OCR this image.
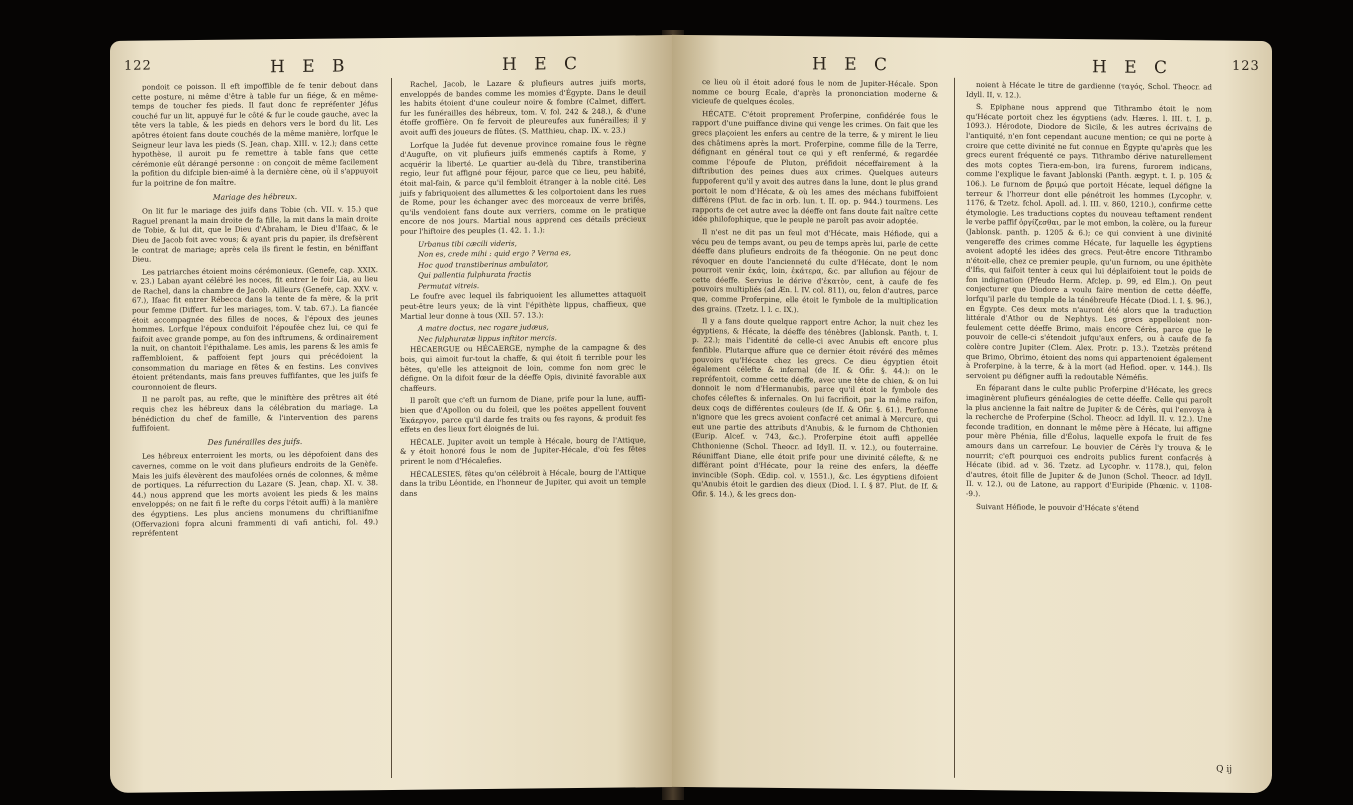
122	H E B	H E C

pondoit ce poisson. Il eft impoffible de fe tenir debout dans cette posture, ni même d'être à table fur un fiége, & en même-temps de toucher fes pieds. Il faut donc fe repréfenter Jéfus couché fur un lit, appuyé fur le côté & fur le coude gauche, avec la tête vers la table, & les pieds en dehors vers le bord du lit. Les apôtres étoient fans doute couchés de la même manière, lorfque le Seigneur leur lava les pieds (S. Jean, chap. XIII. v. 12.); dans cette hypothèse, il auroit pu fe remettre à table fans que cette cérémonie eût dérangé personne : on conçoit de même facilement la pofition du difciple bien-aimé à la dernière cène, où il s'appuyoit fur la poitrine de fon maître.

Mariage des hébreux.

On lit fur le mariage des juifs dans Tobie (ch. VII. v. 15.) que Raguel prenant la main droite de fa fille, la mit dans la main droite de Tobie, & lui dit, que le Dieu d'Abraham, le Dieu d'Ifaac, & le Dieu de Jacob foit avec vous; & ayant pris du papier, ils drefsèrent le contrat de mariage; après cela ils firent le festin, en béniffant Dieu.

Les patriarches étoient moins cérémonieux. (Genefe, cap. XXIX. v. 23.) Laban ayant célébré les noces, fit entrer le foir Lia, au lieu de Rachel, dans la chambre de Jacob. Ailleurs (Genefe, cap. XXV. v. 67.), Ifaac fit entrer Rébecca dans la tente de fa mère, & la prit pour femme (Differt. fur les mariages, tom. V. tab. 67.). La fiancée étoit accompagnée des filles de noces, & l'époux des jeunes hommes. Lorfque l'époux conduifoit l'époufée chez lui, ce qui fe faifoit avec grande pompe, au fon des inftrumens, & ordinairement la nuit, on chantoit l'épithalame. Les amis, les parens & les amis fe raffembloient, & paffoient fept jours qui précédoient la consommation du mariage en fêtes & en festins. Les convives étoient prétendants, mais fans preuves fuffifantes, que les juifs fe couronnoient de fleurs.

Il ne paroît pas, au refte, que le miniftère des prêtres ait été requis chez les hébreux dans la célébration du mariage. La bénédiction du chef de famille, & l'intervention des parens fuffifoient.

Des funérailles des juifs.

Les hébreux enterroient les morts, ou les dépofoient dans des cavernes, comme on le voit dans plufieurs endroits de la Genèfe. Mais les juifs élevèrent des maufolées ornés de colonnes, & même de portiques. La réfurrection du Lazare (S. Jean, chap. XI. v. 38. 44.) nous apprend que les morts avoient les pieds & les mains enveloppés; on ne fait fi le refte du corps l'étoit auffi) à la manière des égyptiens. Les plus anciens monumens du chriftianifme (Offervazioni fopra alcuni frammenti di vafi antichi, fol. 49.) repréfentent

Rachel, Jacob, le Lazare & plufieurs autres juifs morts, enveloppés de bandes comme les momies d'Égypte. Dans le deuil les habits étoient d'une couleur noire & fombre (Calmet, differt. fur les funérailles des hébreux, tom. V. fol. 242 & 248.), & d'une étoffe groffière. On fe fervoit de pleureufes aux funérailles; il y avoit auffi des joueurs de flûtes. (S. Matthieu, chap. IX. v. 23.)

Lorfque la Judée fut devenue province romaine fous le règne d'Augufte, on vit plufieurs juifs emmenés captifs à Rome, y acquérir la liberté. Le quartier au-delà du Tibre, transtiberina regio, leur fut affigné pour féjour, parce que ce lieu, peu habité, étoit mal-fain, & parce qu'il fembloit étranger à la noble cité. Les juifs y fabriquoient des allumettes & les colportoient dans les rues de Rome, pour les échanger avec des morceaux de verre brifés, qu'ils vendoient fans doute aux verriers, comme on le pratique encore de nos jours. Martial nous apprend ces détails précieux pour l'hiftoire des peuples (1. 42. 1. 1.):

Urbanus tibi cæcili videris,

Non es, crede mihi : quid ergo ? Verna es,

Hoc quod transtiberinus ambulator,

Qui pallentia fulphurata fractis

Permutat vitreis.

Le foufre avec lequel ils fabriquoient les allumettes attaquoit peut-être leurs yeux; de là vint l'épithète lippus, chaffieux, que Martial leur donne à tous (XII. 57. 13.):

A matre doctus, nec rogare judæus,

Nec fulphuratæ lippus inftitor mercis.

HÉCAERGUE ou HÉCAERGE, nymphe de la campagne & des bois, qui aimoit fur-tout la chaffe, & qui étoit fi terrible pour les bêtes, qu'elle les atteignoit de loin, comme fon nom grec le défigne. On la difoit fœur de la déeffe Opis, divinité favorable aux chaffeurs.

Il paroît que c'eft un furnom de Diane, prife pour la lune, auffi-bien que d'Apollon ou du foleil, que les poëtes appellent fouvent Ἑκάεργον, parce qu'il darde fes traits ou fes rayons, & produit fes effets en des lieux fort éloignés de lui.

HÉCALE. Jupiter avoit un temple à Hécale, bourg de l'Attique, & y étoit honoré fous le nom de Jupiter-Hécale, d'où fes fêtes prirent le nom d'Hécalefies.

HÉCALESIES, fêtes qu'on célébroit à Hécale, bourg de l'Attique dans la tribu Léontide, en l'honneur de Jupiter, qui avoit un temple dans

H E C	H E C	123

ce lieu où il étoit adoré fous le nom de Jupiter-Hécale. Spon nomme ce bourg Ecale, d'après la prononciation moderne & vicieufe de quelques écoles.

HÉCATE. C'étoit proprement Proferpine, confidérée fous le rapport d'une puiffance divine qui venge les crimes. On fait que les grecs plaçoient les enfers au centre de la terre, & y mirent le lieu des châtimens après la mort. Proferpine, comme fille de la Terre, défignant en général tout ce qui y eft renfermé, & regardée comme l'époufe de Pluton, préfidoit néceffairement à la diftribution des peines dues aux crimes. Quelques auteurs fuppoferent qu'il y avoit des autres dans la lune, dont le plus grand portoit le nom d'Hécate, & où les ames des méchans fubiffoient différens (Plut. de fac in orb. lun. t. II. op. p. 944.) tourmens. Les rapports de cet autre avec la déeffe ont fans doute fait naître cette idée philofophique, que le peuple ne paroît pas avoir adoptée.

Il n'est ne dit pas un feul mot d'Hécate, mais Héfiode, qui a vécu peu de temps avant, ou peu de temps après lui, parle de cette déeffe dans plufieurs endroits de fa théogonie. On ne peut donc révoquer en doute l'ancienneté du culte d'Hécate, dont le nom pourroit venir ἑκάς, loin, ἑκάτερα, &c. par allufion au féjour de cette déeffe. Servius le dérive d'ἑκατὸν, cent, à caufe de fes pouvoirs multipliés (ad Æn. l. IV. col. 811), ou, felon d'autres, parce que, comme Proferpine, elle étoit le fymbole de la multiplication des grains. (Tzetz. l. l. c. IX.).

Il y a fans doute quelque rapport entre Achor, la nuit chez les égyptiens, & Hécate, la déeffe des ténèbres (Jablonsk. Panth. t. I. p. 22.); mais l'identité de celle-ci avec Anubis eft encore plus fenfible. Plutarque affure que ce dernier étoit révéré des mêmes pouvoirs qu'Hécate chez les grecs. Ce dieu égyptien étoit également célefte & infernal (de If. & Ofir. §. 44.): on le repréfentoit, comme cette déeffe, avec une tête de chien, & on lui donnoit le nom d'Hermanubis, parce qu'il étoit le fymbole des chofes céleftes & infernales. On lui facrifioit, par la même raifon, deux coqs de différentes couleurs (de If. & Ofir. §. 61.). Perfonne n'ignore que les grecs avoient confacré cet animal à Mercure, qui eut une partie des attributs d'Anubis, & le furnom de Chthonien (Eurip. Alcef. v. 743, &c.). Proferpine étoit auffi appellée Chthonienne (Schol. Theocr. ad Idyll. II. v. 12.), ou fouterraine. Réuniffant Diane, elle étoit prife pour une divinité célefte, & ne différant point d'Hécate, pour la reine des enfers, la déeffe invincible (Soph. Œdip. col. v. 1551.), &c. Les égyptiens difoient qu'Anubis étoit le gardien des dieux (Diod. l. I. § 87. Plut. de If. & Ofir. §. 14.), & les grecs don-

noient à Hécate le titre de gardienne (ταγός, Schol. Theocr. ad Idyll. II, v. 12.).

S. Epiphane nous apprend que Tithrambo étoit le nom qu'Hécate portoit chez les égyptiens (adv. Hæres. l. III. t. I. p. 1093.). Hérodote, Diodore de Sicile, & les autres écrivains de l'antiquité, n'en font cependant aucune mention; ce qui ne porte à croire que cette divinité ne fut connue en Égypte qu'après que les grecs eurent fréquenté ce pays. Tithrambo dérive naturellement des mots coptes Tiera-em-bon, ira furens, furorem indicans, comme l'explique le favant Jablonski (Panth. ægypt. t. I. p. 105 & 106.). Le furnom de βριμώ que portoit Hécate, lequel défigne la terreur & l'horreur dont elle pénétroit les hommes (Lycophr. v. 1176, & Tzetz. fchol. Apoll. ad. l. III. v. 860, 1210.), confirme cette étymologie. Les traductions coptes du nouveau teftament rendent le verbe paffif ὀργίζεσθαι, par le mot embon, la colère, ou la fureur (Jablonsk. panth. p. 1205 & 6.); ce qui convient à une divinité vengereffe des crimes comme Hécate, fur laquelle les égyptiens avoient adopté les idées des grecs. Peut-être encore Tithrambo n'étoit-elle, chez ce premier peuple, qu'un furnom, ou une épithète d'Ifis, qui faifoit tenter à ceux qui lui déplaifoient tout le poids de fon indignation (Pfeudo Herm. Afclep. p. 99, ed Elm.). On peut conjecturer que Diodore a voulu faire mention de cette déeffe, lorfqu'il parle du temple de la ténébreufe Hécate (Diod. l. I. §. 96.), en Égypte. Ces deux mots n'auront été alors que la traduction littérale d'Athor ou de Nephtys. Les grecs appelloient non-feulement cette déeffe Brimo, mais encore Cérès, parce que le pouvoir de celle-ci s'étendoit jufqu'aux enfers, ou à caufe de fa colère contre Jupiter (Clem. Alex. Protr. p. 13.). Tzetzès prétend que Brimo, Obrimo, étoient des noms qui appartenoient également à Proferpine, à la terre, & à la mort (ad Hefiod. oper. v. 144.). Ils servoient pu défigner auffi la redoutable Néméfis.

En féparant dans le culte public Proferpine d'Hécate, les grecs imaginèrent plufieurs généalogies de cette déeffe. Celle qui paroît la plus ancienne la fait naître de Jupiter & de Cérès, qui l'envoya à la recherche de Proferpine (Schol. Theocr. ad Idyll. II. v. 12.). Une feconde tradition, en donnant le même père à Hécate, lui affigne pour mère Phénia, fille d'Éolus, laquelle expofa le fruit de fes amours dans un carrefour. Le bouvier de Cérès l'y trouva & le nourrit; c'eft pourquoi ces endroits publics furent confacrés à Hécate (ibid. ad v. 36. Tzetz. ad Lycophr. v. 1178.), qui, felon d'autres, étoit fille de Jupiter & de Junon (Schol. Theocr. ad Idyll. II. v. 12.), ou de Latone, au rapport d'Euripide (Phœnic. v. 1108--9.).

Suivant Héfiode, le pouvoir d'Hécate s'étend

Q ij
